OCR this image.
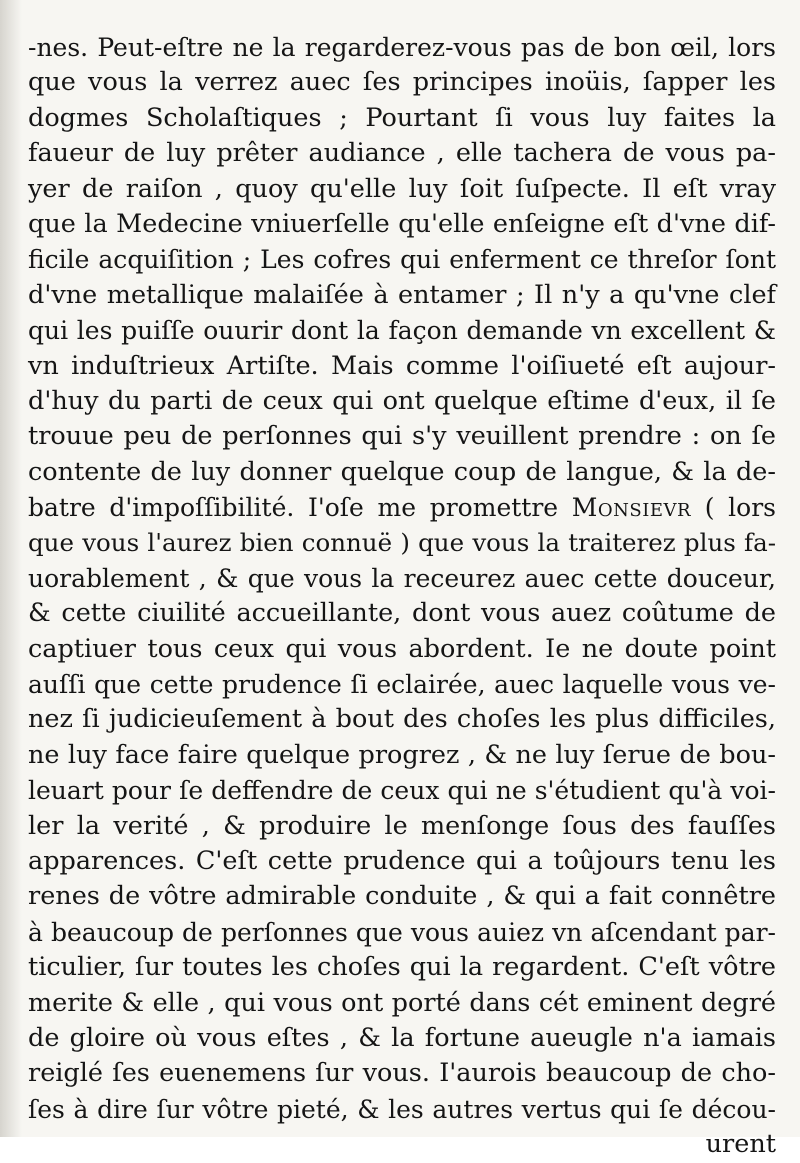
-nes. Peut-eſtre ne la regarderez-vous pas de bon œil, lors
que vous la verrez auec ſes principes inoüis, ſapper les
dogmes Scholaſtiques ; Pourtant ſi vous luy faites la
faueur de luy prêter audiance , elle tachera de vous pa-
yer de raiſon , quoy qu'elle luy ſoit ſuſpecte. Il eſt vray
que la Medecine vniuerſelle qu'elle enſeigne eſt d'vne dif-
ficile acquiſition ; Les cofres qui enferment ce threſor ſont
d'vne metallique malaiſée à entamer ; Il n'y a qu'vne clef
qui les puiſſe ouurir dont la façon demande vn excellent &
vn induſtrieux Artiſte. Mais comme l'oiſiueté eſt aujour-
d'huy du parti de ceux qui ont quelque eſtime d'eux, il ſe
trouue peu de perſonnes qui s'y veuillent prendre : on ſe
contente de luy donner quelque coup de langue, & la de-
batre d'impoſſibilité. I'oſe me promettre Monsievr ( lors
que vous l'aurez bien connuë ) que vous la traiterez plus fa-
uorablement , & que vous la receurez auec cette douceur,
& cette ciuilité accueillante, dont vous auez coûtume de
captiuer tous ceux qui vous abordent. Ie ne doute point
auſſi que cette prudence ſi eclairée, auec laquelle vous ve-
nez ſi judicieuſement à bout des choſes les plus difficiles,
ne luy face faire quelque progrez , & ne luy ſerue de bou-
leuart pour ſe deffendre de ceux qui ne s'étudient qu'à voi-
ler la verité , & produire le menſonge ſous des fauſſes
apparences. C'eſt cette prudence qui a toûjours tenu les
renes de vôtre admirable conduite , & qui a fait connêtre
à beaucoup de perſonnes que vous auiez vn aſcendant par-
ticulier, ſur toutes les choſes qui la regardent. C'eſt vôtre
merite & elle , qui vous ont porté dans cét eminent degré
de gloire où vous eſtes , & la fortune aueugle n'a iamais
reiglé ſes euenemens ſur vous. I'aurois beaucoup de cho-
ſes à dire ſur vôtre pieté, & les autres vertus qui ſe décou-
urent
